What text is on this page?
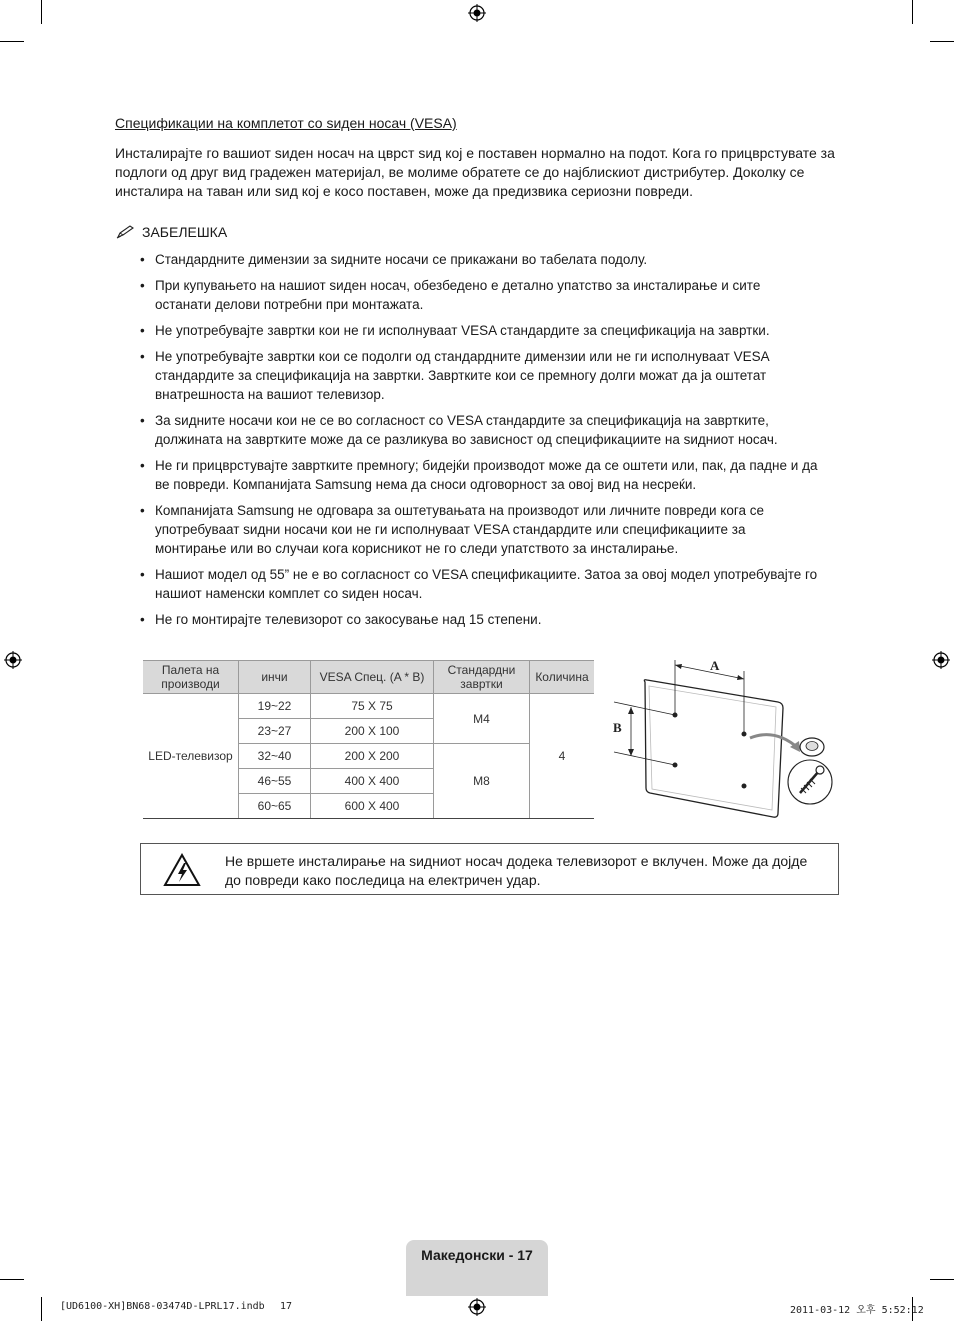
Спецификации на комплетот со sиден носач (VESA)
Инсталирајте го вашиот sиден носач на цврст sид кој е поставен нормално на подот. Кога го прицврстувате за подлоги од друг вид градежен материјал, ве молиме обратете се до најблискиот дистрибутер. Доколку се инсталира на таван или sид кој е косо поставен, може да предизвика сериозни повреди.
ЗАБЕЛЕШКА
• Стандардните димензии за sидните носачи се прикажани во табелата подолу.
• При купувањето на нашиот sиден носач, обезбедено е детално упатство за инсталирање и сите останати делови потребни при монтажата.
• Не употребувајте завртки кои не ги исполнуваат VESA стандардите за спецификација на завртки.
• Не употребувајте завртки кои се подолги од стандардните димензии или не ги исполнуваат VESA стандардите за спецификација на завртки. Завртките кои се премногу долги можат да ја оштетат внатрешноста на вашиот телевизор.
• За sидните носачи кои не се во согласност со VESA стандардите за спецификација на завртките, должината на завртките може да се разликува во зависност од спецификациите на sидниот носач.
• Не ги прицврстувајте завртките премногу; бидејќи производот може да се оштети или, пак, да падне и да ве повреди. Компанијата Samsung нема да сноси одговорност за овој вид на несреќи.
• Компанијата Samsung не одговара за оштетувањата на производот или личните повреди кога се употребуваат sидни носачи кои не ги исполнуваат VESA стандардите или спецификациите за монтирање или во случаи кога корисникот не го следи упатството за инсталирање.
• Нашиот модел од 55” не е во согласност со VESA спецификациите. Затоа за овој модел употребувајте го нашиот наменски комплет со sиден носач.
• Не го монтирајте телевизорот со закосување над 15 степени.
Палета на производи	инчи	VESA Спец. (A * B)	Стандардни завртки	Количина
LED-телевизор	19~22	75 X 75	M4	4
	23~27	200 X 100		
	32~40	200 X 200	M8	
	46~55	400 X 400		
	60~65	600 X 400		
A
B
Не вршете инсталирање на sидниот носач додека телевизорот е вклучен. Може да дојде до повреди како последица на електричен удар.
Македонски - 17
[UD6100-XH]BN68-03474D-LPRL17.indb 17	2011-03-12 오후 5:52:12
